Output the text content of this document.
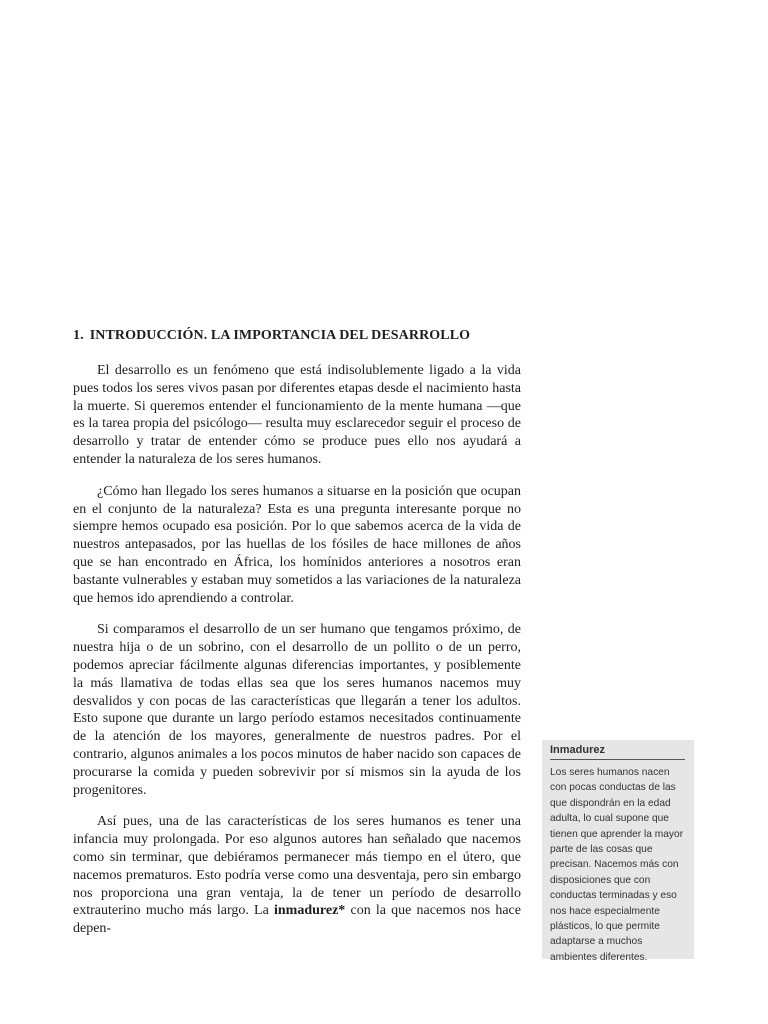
1. INTRODUCCIÓN. LA IMPORTANCIA DEL DESARROLLO

El desarrollo es un fenómeno que está indisolublemente ligado a la vida pues todos los seres vivos pasan por diferentes etapas desde el nacimiento hasta la muerte. Si queremos entender el funcionamiento de la mente humana —que es la tarea propia del psicólogo— resulta muy esclarecedor seguir el proceso de desarrollo y tratar de entender cómo se produce pues ello nos ayudará a entender la naturaleza de los seres humanos.

¿Cómo han llegado los seres humanos a situarse en la posición que ocupan en el conjunto de la naturaleza? Esta es una pregunta interesante porque no siempre hemos ocupado esa posición. Por lo que sabemos acerca de la vida de nuestros antepasados, por las huellas de los fósiles de hace millones de años que se han encontrado en África, los homínidos anteriores a nosotros eran bastante vulnerables y estaban muy sometidos a las variaciones de la naturaleza que hemos ido aprendiendo a controlar.

Si comparamos el desarrollo de un ser humano que tengamos próximo, de nuestra hija o de un sobrino, con el desarrollo de un pollito o de un perro, podemos apreciar fácilmente algunas diferencias importantes, y posiblemente la más llamativa de todas ellas sea que los seres humanos nacemos muy desvalidos y con pocas de las características que llegarán a tener los adultos. Esto supone que durante un largo período estamos necesitados continuamente de la atención de los mayores, generalmente de nuestros padres. Por el contrario, algunos animales a los pocos minutos de haber nacido son capaces de procurarse la comida y pueden sobrevivir por sí mismos sin la ayuda de los progenitores.

Así pues, una de las características de los seres humanos es tener una infancia muy prolongada. Por eso algunos autores han señalado que nacemos como sin terminar, que debiéramos permanecer más tiempo en el útero, que nacemos prematuros. Esto podría verse como una desventaja, pero sin embargo nos proporciona una gran ventaja, la de tener un período de desarrollo extrauterino mucho más largo. La inmadurez* con la que nacemos nos hace depen-

Inmadurez

Los seres humanos nacen con pocas conductas de las que dispondrán en la edad adulta, lo cual supone que tienen que aprender la mayor parte de las cosas que precisan. Nacemos más con disposiciones que con conductas terminadas y eso nos hace especialmente plásticos, lo que permite adaptarse a muchos ambientes diferentes.
